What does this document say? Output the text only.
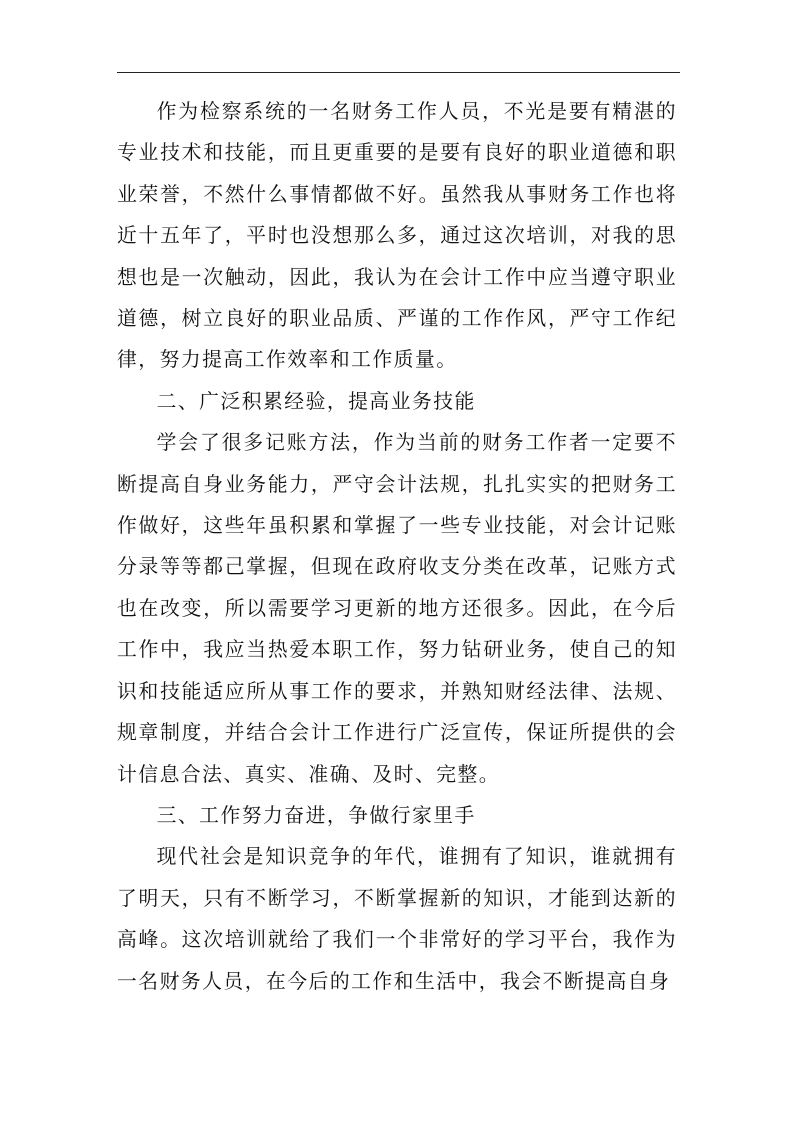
作为检察系统的一名财务工作人员，不光是要有精湛的专业技术和技能，而且更重要的是要有良好的职业道德和职业荣誉，不然什么事情都做不好。虽然我从事财务工作也将近十五年了，平时也没想那么多，通过这次培训，对我的思想也是一次触动，因此，我认为在会计工作中应当遵守职业道德，树立良好的职业品质、严谨的工作作风，严守工作纪律，努力提高工作效率和工作质量。

二、广泛积累经验，提高业务技能

学会了很多记账方法，作为当前的财务工作者一定要不断提高自身业务能力，严守会计法规，扎扎实实的把财务工作做好，这些年虽积累和掌握了一些专业技能，对会计记账分录等等都己掌握，但现在政府收支分类在改革，记账方式也在改变，所以需要学习更新的地方还很多。因此，在今后工作中，我应当热爱本职工作，努力钻研业务，使自己的知识和技能适应所从事工作的要求，并熟知财经法律、法规、规章制度，并结合会计工作进行广泛宣传，保证所提供的会计信息合法、真实、准确、及时、完整。

三、工作努力奋进，争做行家里手

现代社会是知识竞争的年代，谁拥有了知识，谁就拥有了明天，只有不断学习，不断掌握新的知识，才能到达新的高峰。这次培训就给了我们一个非常好的学习平台，我作为一名财务人员，在今后的工作和生活中，我会不断提高自身
